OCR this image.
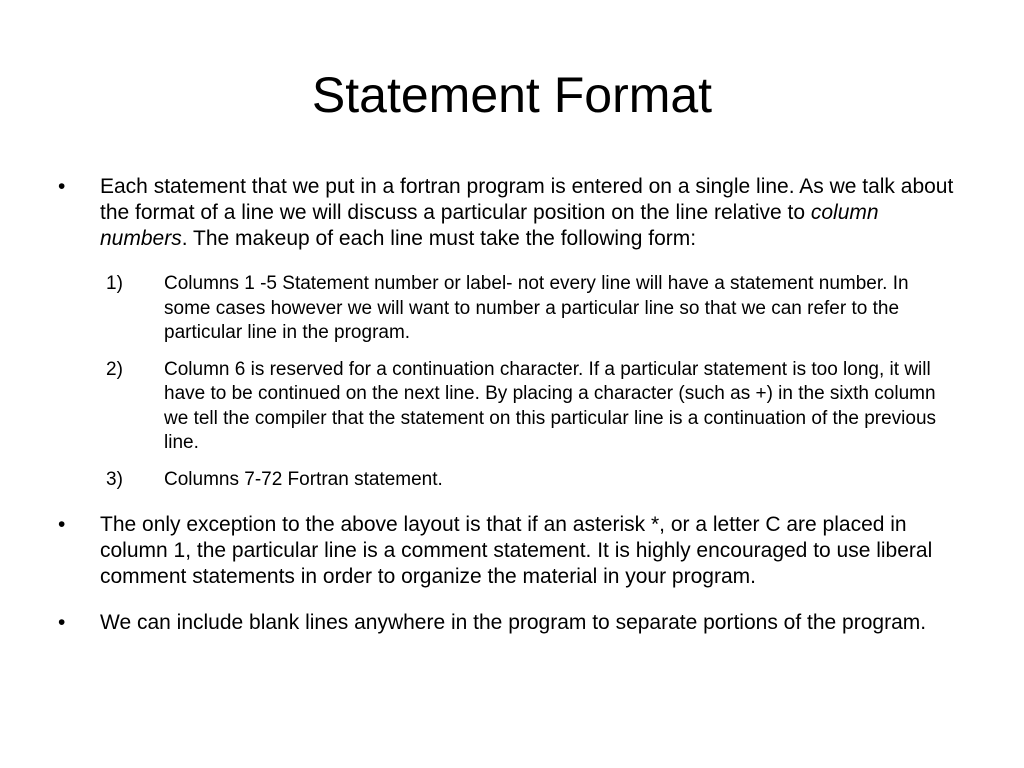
Statement Format
• Each statement that we put in a fortran program is entered on a single line. As we talk about the format of a line we will discuss a particular position on the line relative to column numbers. The makeup of each line must take the following form:
1) Columns 1 -5 Statement number or label- not every line will have a statement number. In some cases however we will want to number a particular line so that we can refer to the particular line in the program.
2) Column 6 is reserved for a continuation character. If a particular statement is too long, it will have to be continued on the next line. By placing a character (such as +) in the sixth column we tell the compiler that the statement on this particular line is a continuation of the previous line.
3) Columns 7-72 Fortran statement.
• The only exception to the above layout is that if an asterisk *, or a letter C are placed in column 1, the particular line is a comment statement. It is highly encouraged to use liberal comment statements in order to organize the material in your program.
• We can include blank lines anywhere in the program to separate portions of the program.
